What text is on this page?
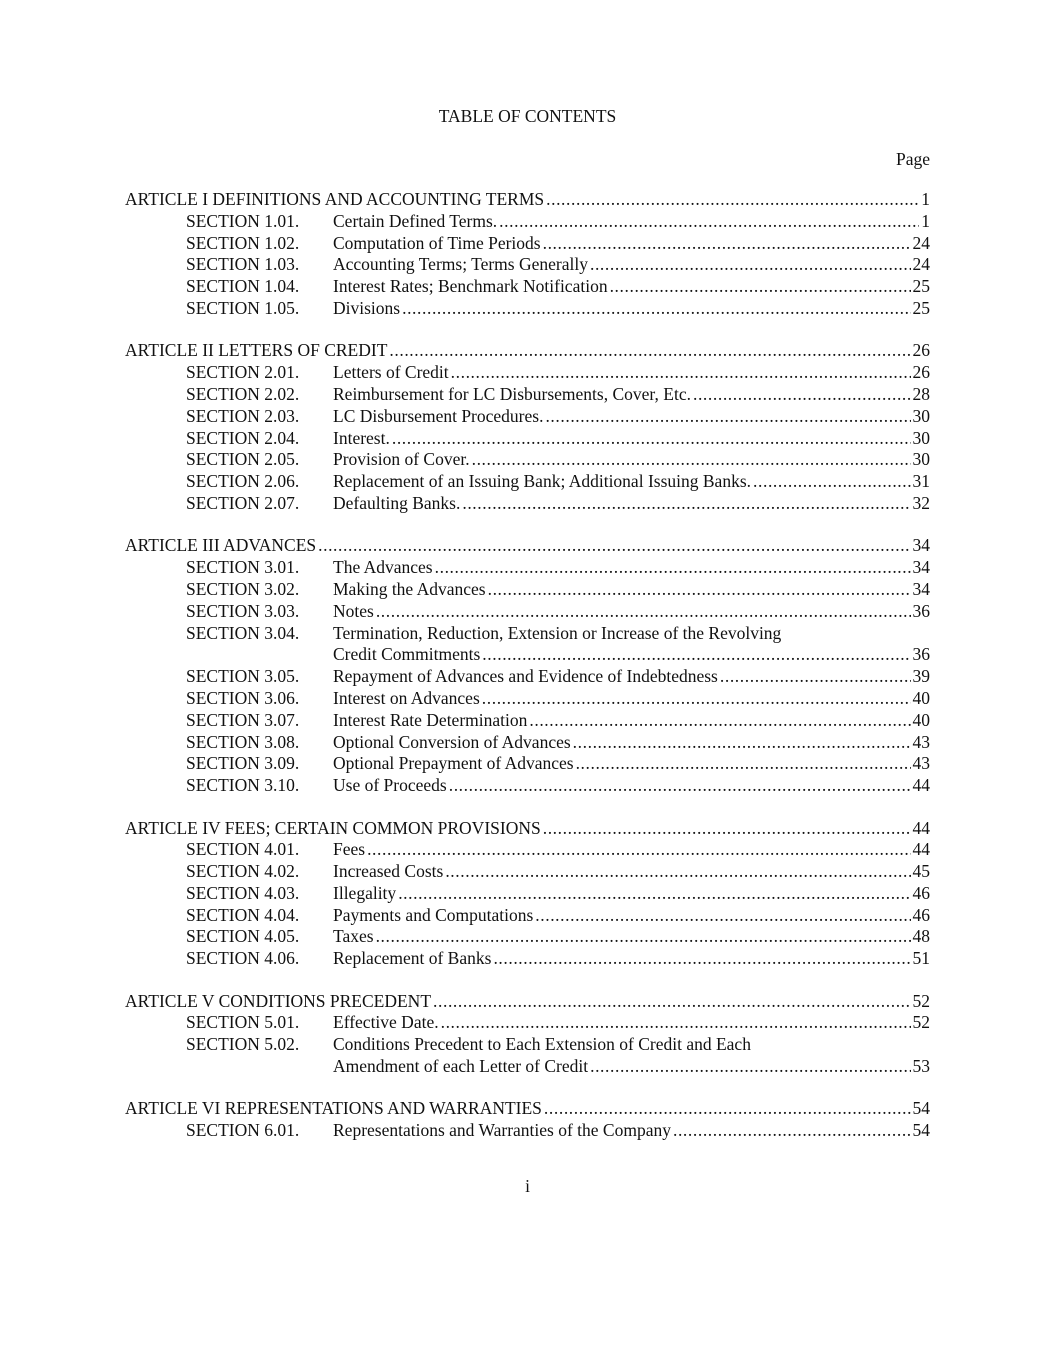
TABLE OF CONTENTS
Page
ARTICLE I DEFINITIONS AND ACCOUNTING TERMS .....	1
SECTION 1.01.	Certain Defined Terms. .....	1
SECTION 1.02.	Computation of Time Periods .....	24
SECTION 1.03.	Accounting Terms; Terms Generally .....	24
SECTION 1.04.	Interest Rates; Benchmark Notification .....	25
SECTION 1.05.	Divisions .....	25
ARTICLE II LETTERS OF CREDIT .....	26
SECTION 2.01.	Letters of Credit .....	26
SECTION 2.02.	Reimbursement for LC Disbursements, Cover, Etc. .....	28
SECTION 2.03.	LC Disbursement Procedures. .....	30
SECTION 2.04.	Interest. .....	30
SECTION 2.05.	Provision of Cover. .....	30
SECTION 2.06.	Replacement of an Issuing Bank; Additional Issuing Banks. .....	31
SECTION 2.07.	Defaulting Banks. .....	32
ARTICLE III ADVANCES .....	34
SECTION 3.01.	The Advances .....	34
SECTION 3.02.	Making the Advances .....	34
SECTION 3.03.	Notes .....	36
SECTION 3.04.	Termination, Reduction, Extension or Increase of the Revolving
Credit Commitments .....	36
SECTION 3.05.	Repayment of Advances and Evidence of Indebtedness .....	39
SECTION 3.06.	Interest on Advances .....	40
SECTION 3.07.	Interest Rate Determination .....	40
SECTION 3.08.	Optional Conversion of Advances .....	43
SECTION 3.09.	Optional Prepayment of Advances .....	43
SECTION 3.10.	Use of Proceeds .....	44
ARTICLE IV FEES; CERTAIN COMMON PROVISIONS .....	44
SECTION 4.01.	Fees .....	44
SECTION 4.02.	Increased Costs .....	45
SECTION 4.03.	Illegality .....	46
SECTION 4.04.	Payments and Computations .....	46
SECTION 4.05.	Taxes .....	48
SECTION 4.06.	Replacement of Banks .....	51
ARTICLE V CONDITIONS PRECEDENT .....	52
SECTION 5.01.	Effective Date. .....	52
SECTION 5.02.	Conditions Precedent to Each Extension of Credit and Each
Amendment of each Letter of Credit .....	53
ARTICLE VI REPRESENTATIONS AND WARRANTIES .....	54
SECTION 6.01.	Representations and Warranties of the Company .....	54
i
